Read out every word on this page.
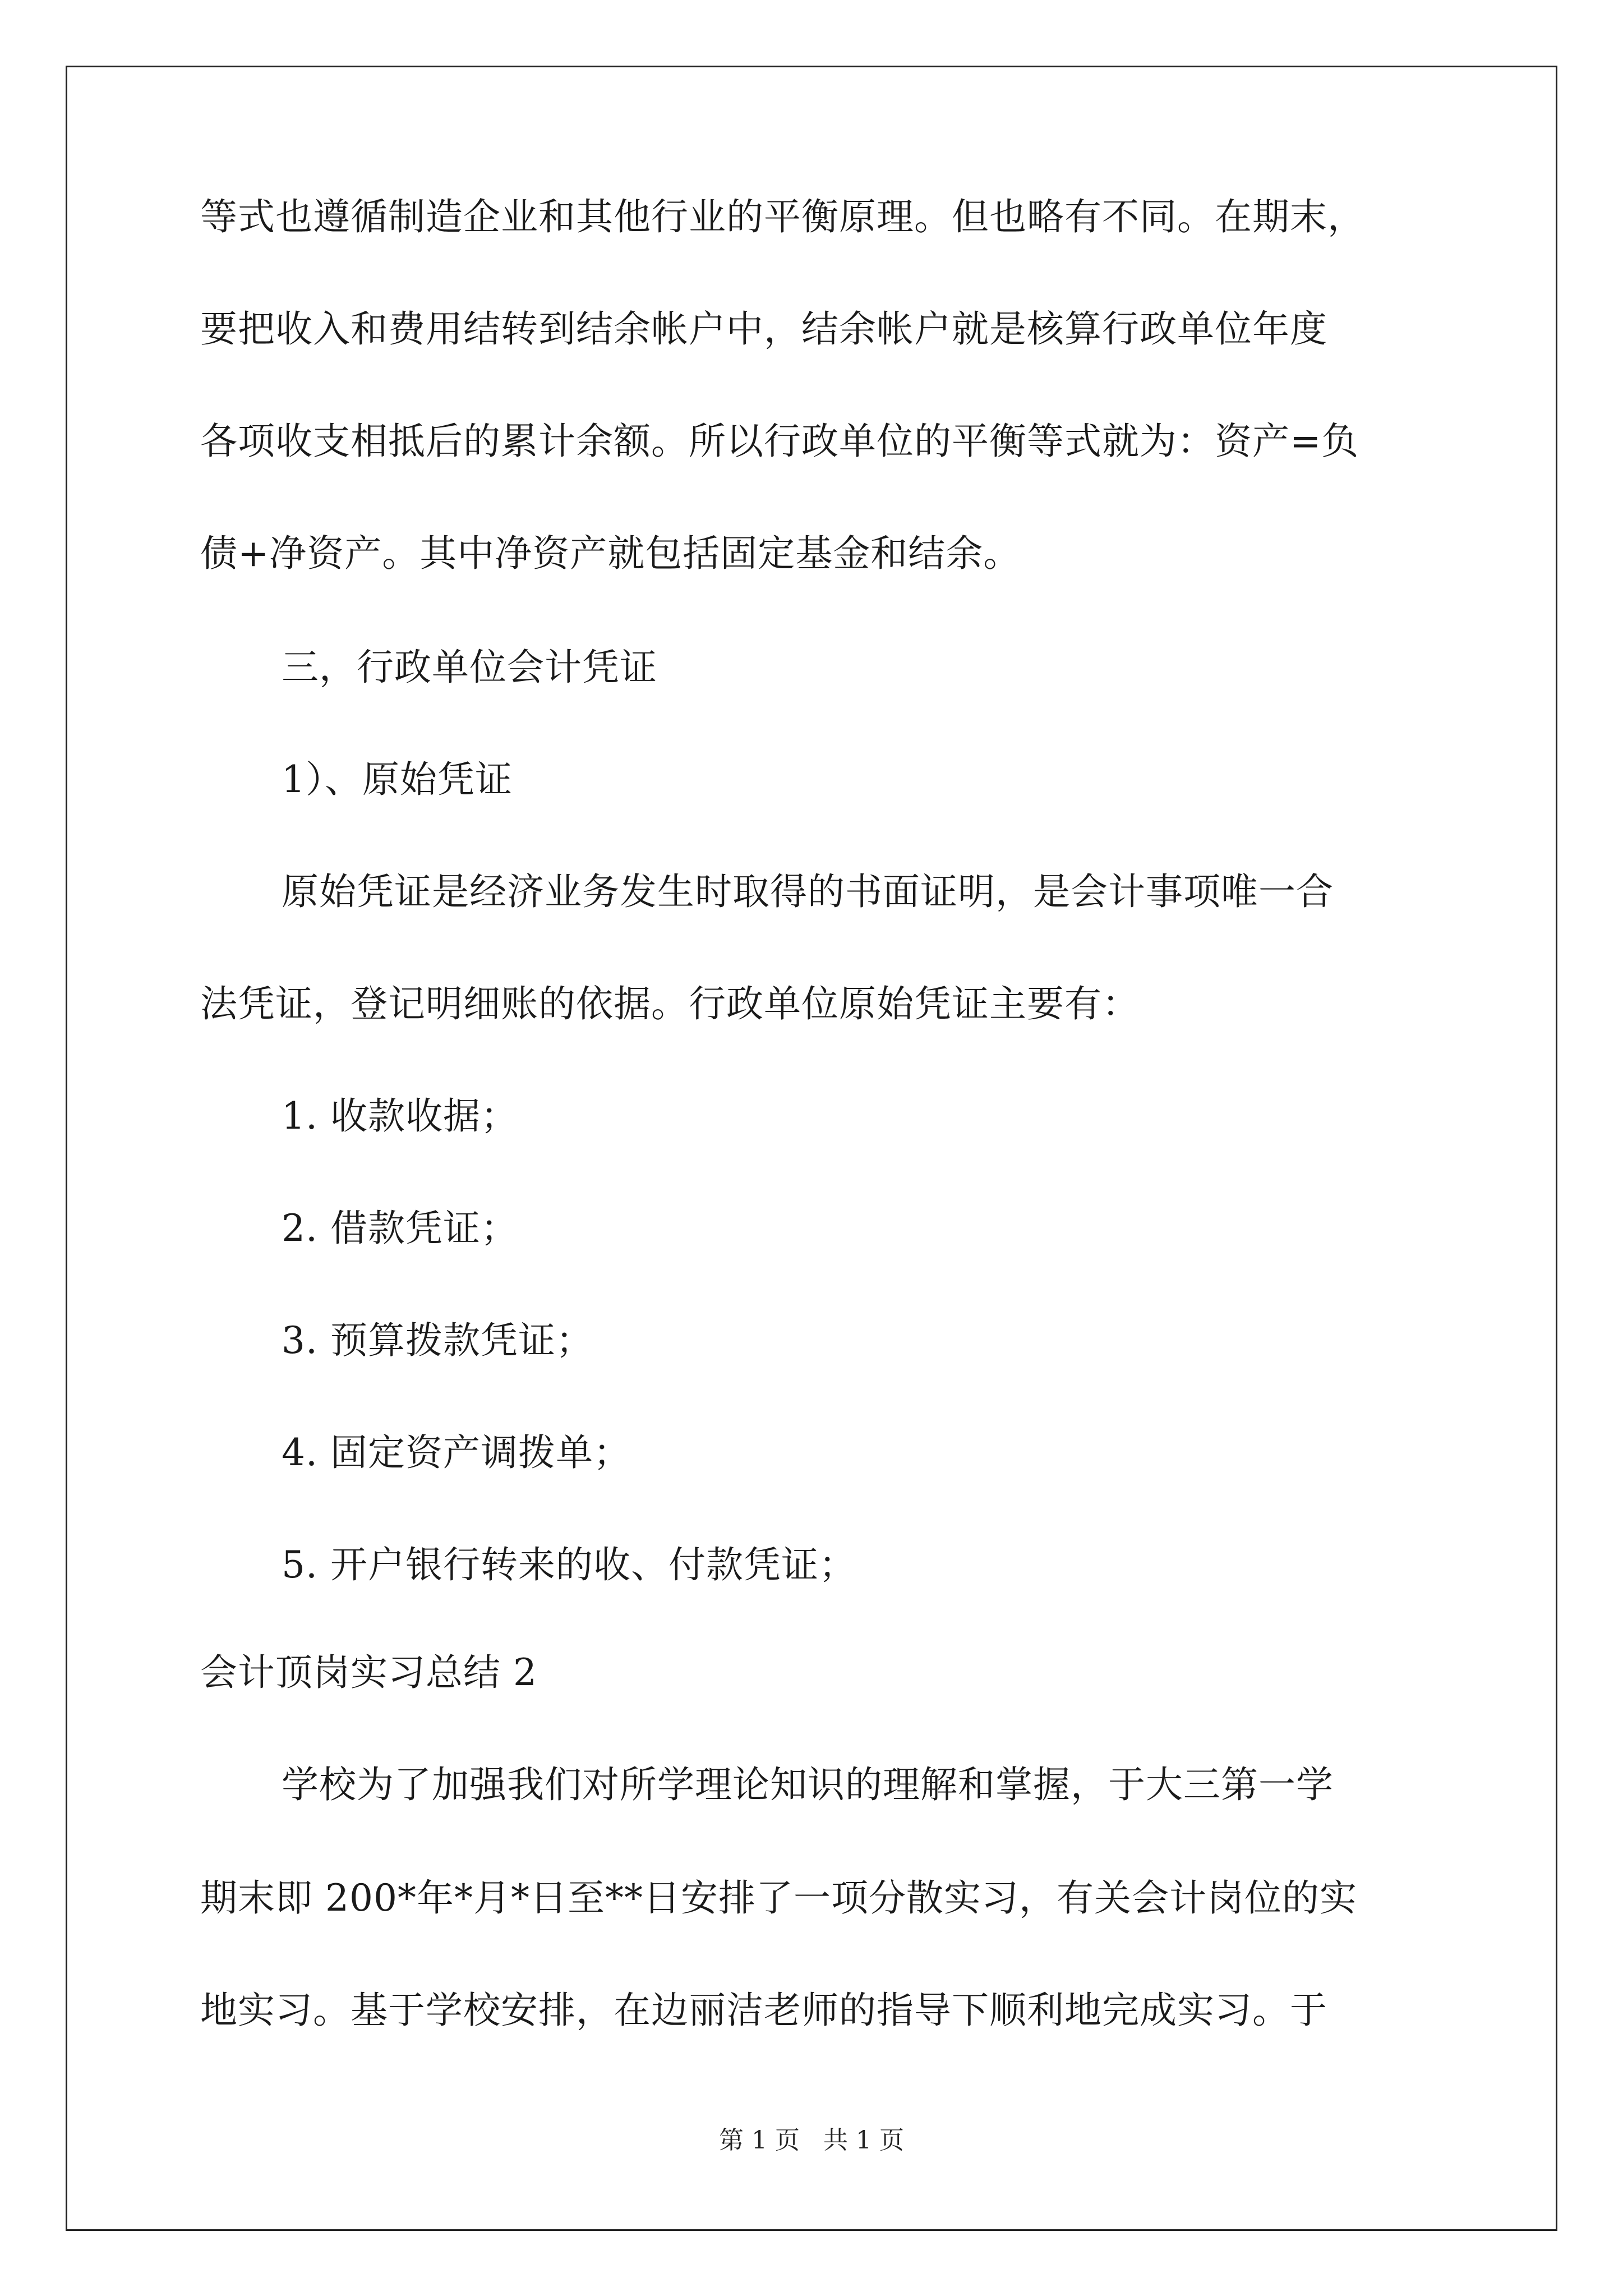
等式也遵循制造企业和其他行业的平衡原理。但也略有不同。在期末，
要把收入和费用结转到结余帐户中，结余帐户就是核算行政单位年度
各项收支相抵后的累计余额。所以行政单位的平衡等式就为：资产=负
债+净资产。其中净资产就包括固定基金和结余。
三，行政单位会计凭证
1）、原始凭证
原始凭证是经济业务发生时取得的书面证明，是会计事项唯一合
法凭证，登记明细账的依据。行政单位原始凭证主要有：
1. 收款收据；
2. 借款凭证；
3. 预算拨款凭证；
4. 固定资产调拨单；
5. 开户银行转来的收、付款凭证；
会计顶岗实习总结 2
学校为了加强我们对所学理论知识的理解和掌握，于大三第一学
期末即 200*年*月*日至**日安排了一项分散实习，有关会计岗位的实
地实习。基于学校安排，在边丽洁老师的指导下顺利地完成实习。于
第 1 页 共 1 页
